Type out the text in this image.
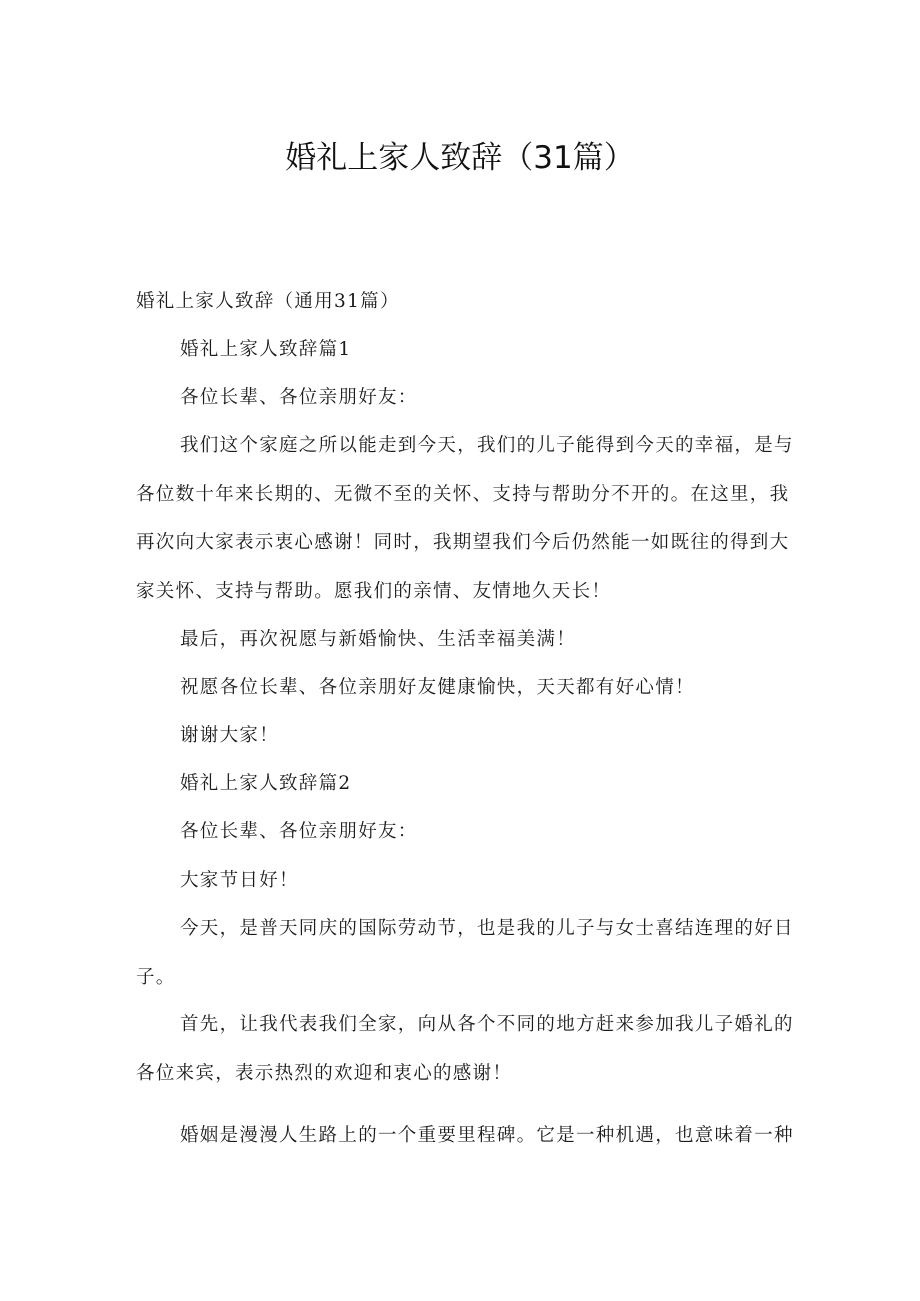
婚礼上家人致辞（31篇）
婚礼上家人致辞（通用31篇）
婚礼上家人致辞篇1
各位长辈、各位亲朋好友：
我们这个家庭之所以能走到今天，我们的儿子能得到今天的幸福，是与
各位数十年来长期的、无微不至的关怀、支持与帮助分不开的。在这里，我
再次向大家表示衷心感谢！同时，我期望我们今后仍然能一如既往的得到大
家关怀、支持与帮助。愿我们的亲情、友情地久天长！
最后，再次祝愿与新婚愉快、生活幸福美满！
祝愿各位长辈、各位亲朋好友健康愉快，天天都有好心情！
谢谢大家！
婚礼上家人致辞篇2
各位长辈、各位亲朋好友：
大家节日好！
今天，是普天同庆的国际劳动节，也是我的儿子与女士喜结连理的好日
子。
首先，让我代表我们全家，向从各个不同的地方赶来参加我儿子婚礼的
各位来宾，表示热烈的欢迎和衷心的感谢！
婚姻是漫漫人生路上的一个重要里程碑。它是一种机遇，也意味着一种
